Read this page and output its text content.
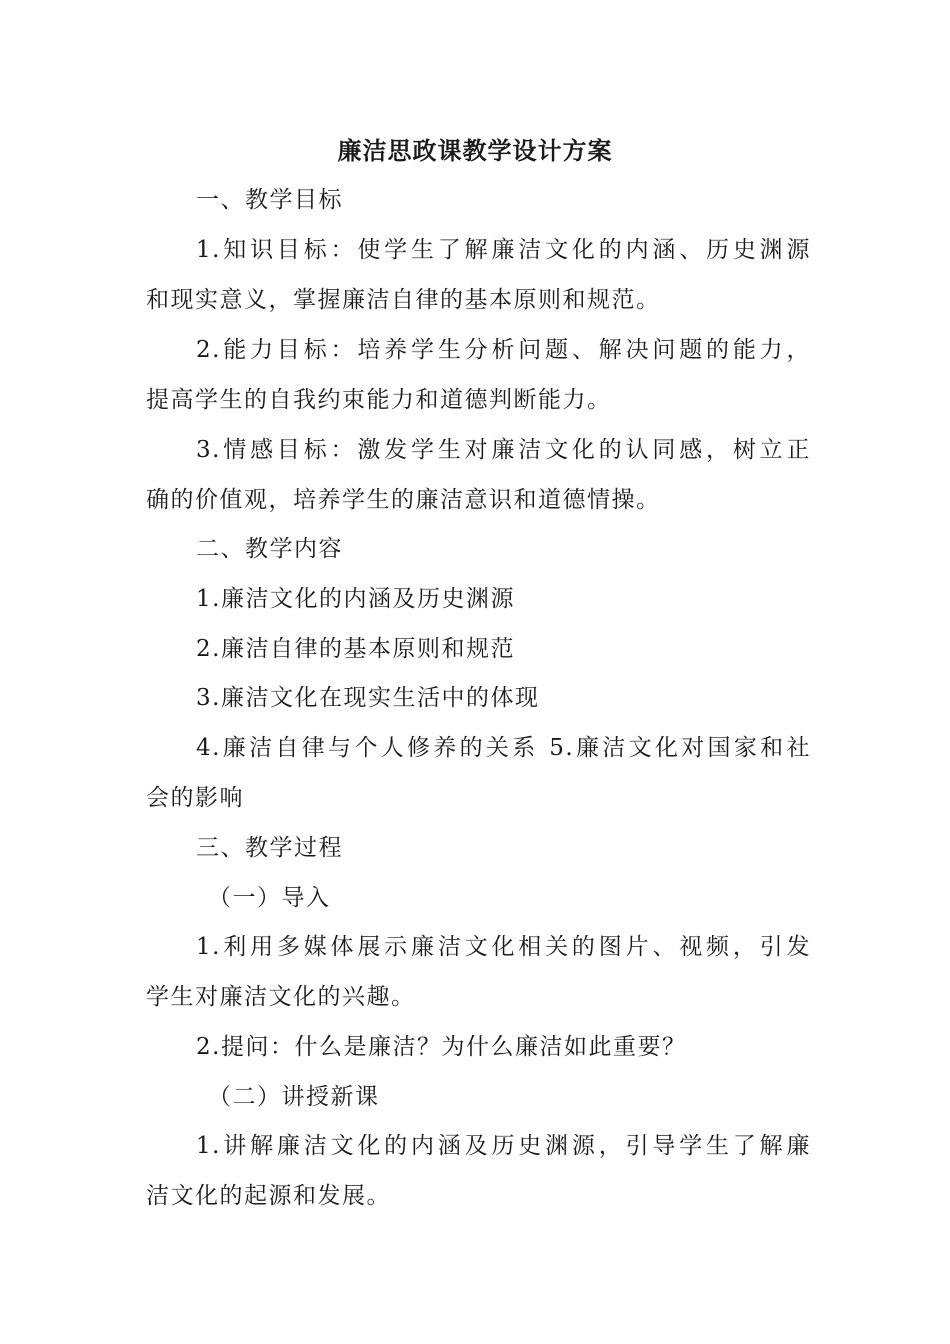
廉洁思政课教学设计方案
一、教学目标
1.知识目标：使学生了解廉洁文化的内涵、历史渊源
和现实意义，掌握廉洁自律的基本原则和规范。
2.能力目标：培养学生分析问题、解决问题的能力，
提高学生的自我约束能力和道德判断能力。
3.情感目标：激发学生对廉洁文化的认同感，树立正
确的价值观，培养学生的廉洁意识和道德情操。
二、教学内容
1.廉洁文化的内涵及历史渊源
2.廉洁自律的基本原则和规范
3.廉洁文化在现实生活中的体现
4.廉洁自律与个人修养的关系 5.廉洁文化对国家和社
会的影响
三、教学过程
（一）导入
1.利用多媒体展示廉洁文化相关的图片、视频，引发
学生对廉洁文化的兴趣。
2.提问：什么是廉洁？为什么廉洁如此重要？
（二）讲授新课
1.讲解廉洁文化的内涵及历史渊源，引导学生了解廉
洁文化的起源和发展。
